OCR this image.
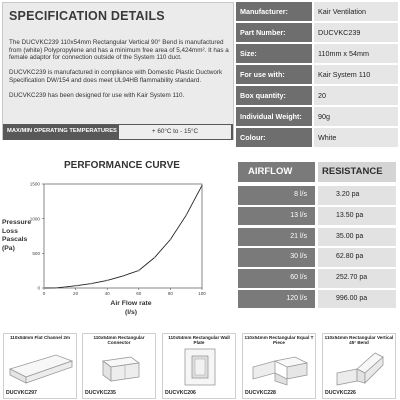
SPECIFICATION DETAILS

The DUCVKC239 110x54mm Rectangular Vertical 90° Bend is manufactured from (white) Polypropylene and has a minimum free area of 5,424mm². It has a female adaptor for connection outside of the System 110 duct.

DUCVKC239 is manufactured in compliance with Domestic Plastic Ductwork Specification DW/154 and does meet UL94HB flammability standard.

DUCVKC239 has been designed for use with Kair System 110.

MAX/MIN OPERATING TEMPERATURES	+ 60°C to - 15°C
Manufacturer:	Kair Ventilation
Part Number:	DUCVKC239
Size:	110mm x 54mm
For use with:	Kair System 110
Box quantity:	20
Individual Weight:	90g
Colour:	White
PERFORMANCE CURVE
0	20	40	60	80	100
0
500
1000
1500
Pressure
Loss
Pascals
(Pa)
Air Flow rate
(l/s)
AIRFLOW	RESISTANCE
8 l/s	3.20 pa
13 l/s	13.50 pa
21 l/s	35.00 pa
30 l/s	62.80 pa
60 l/s	252.70 pa
120 l/s	996.00 pa
110x54mm Flat Channel 2m
DUCVKC297
110x54mm Rectangular Connector
DUCVKC235
110x54mm Rectangular Wall Plate
DUCVKC206
110x54mm Rectangular Equal T Piece
DUCVKC228
110x54mm Rectangular Vertical 45° Bend
DUCVKC226
